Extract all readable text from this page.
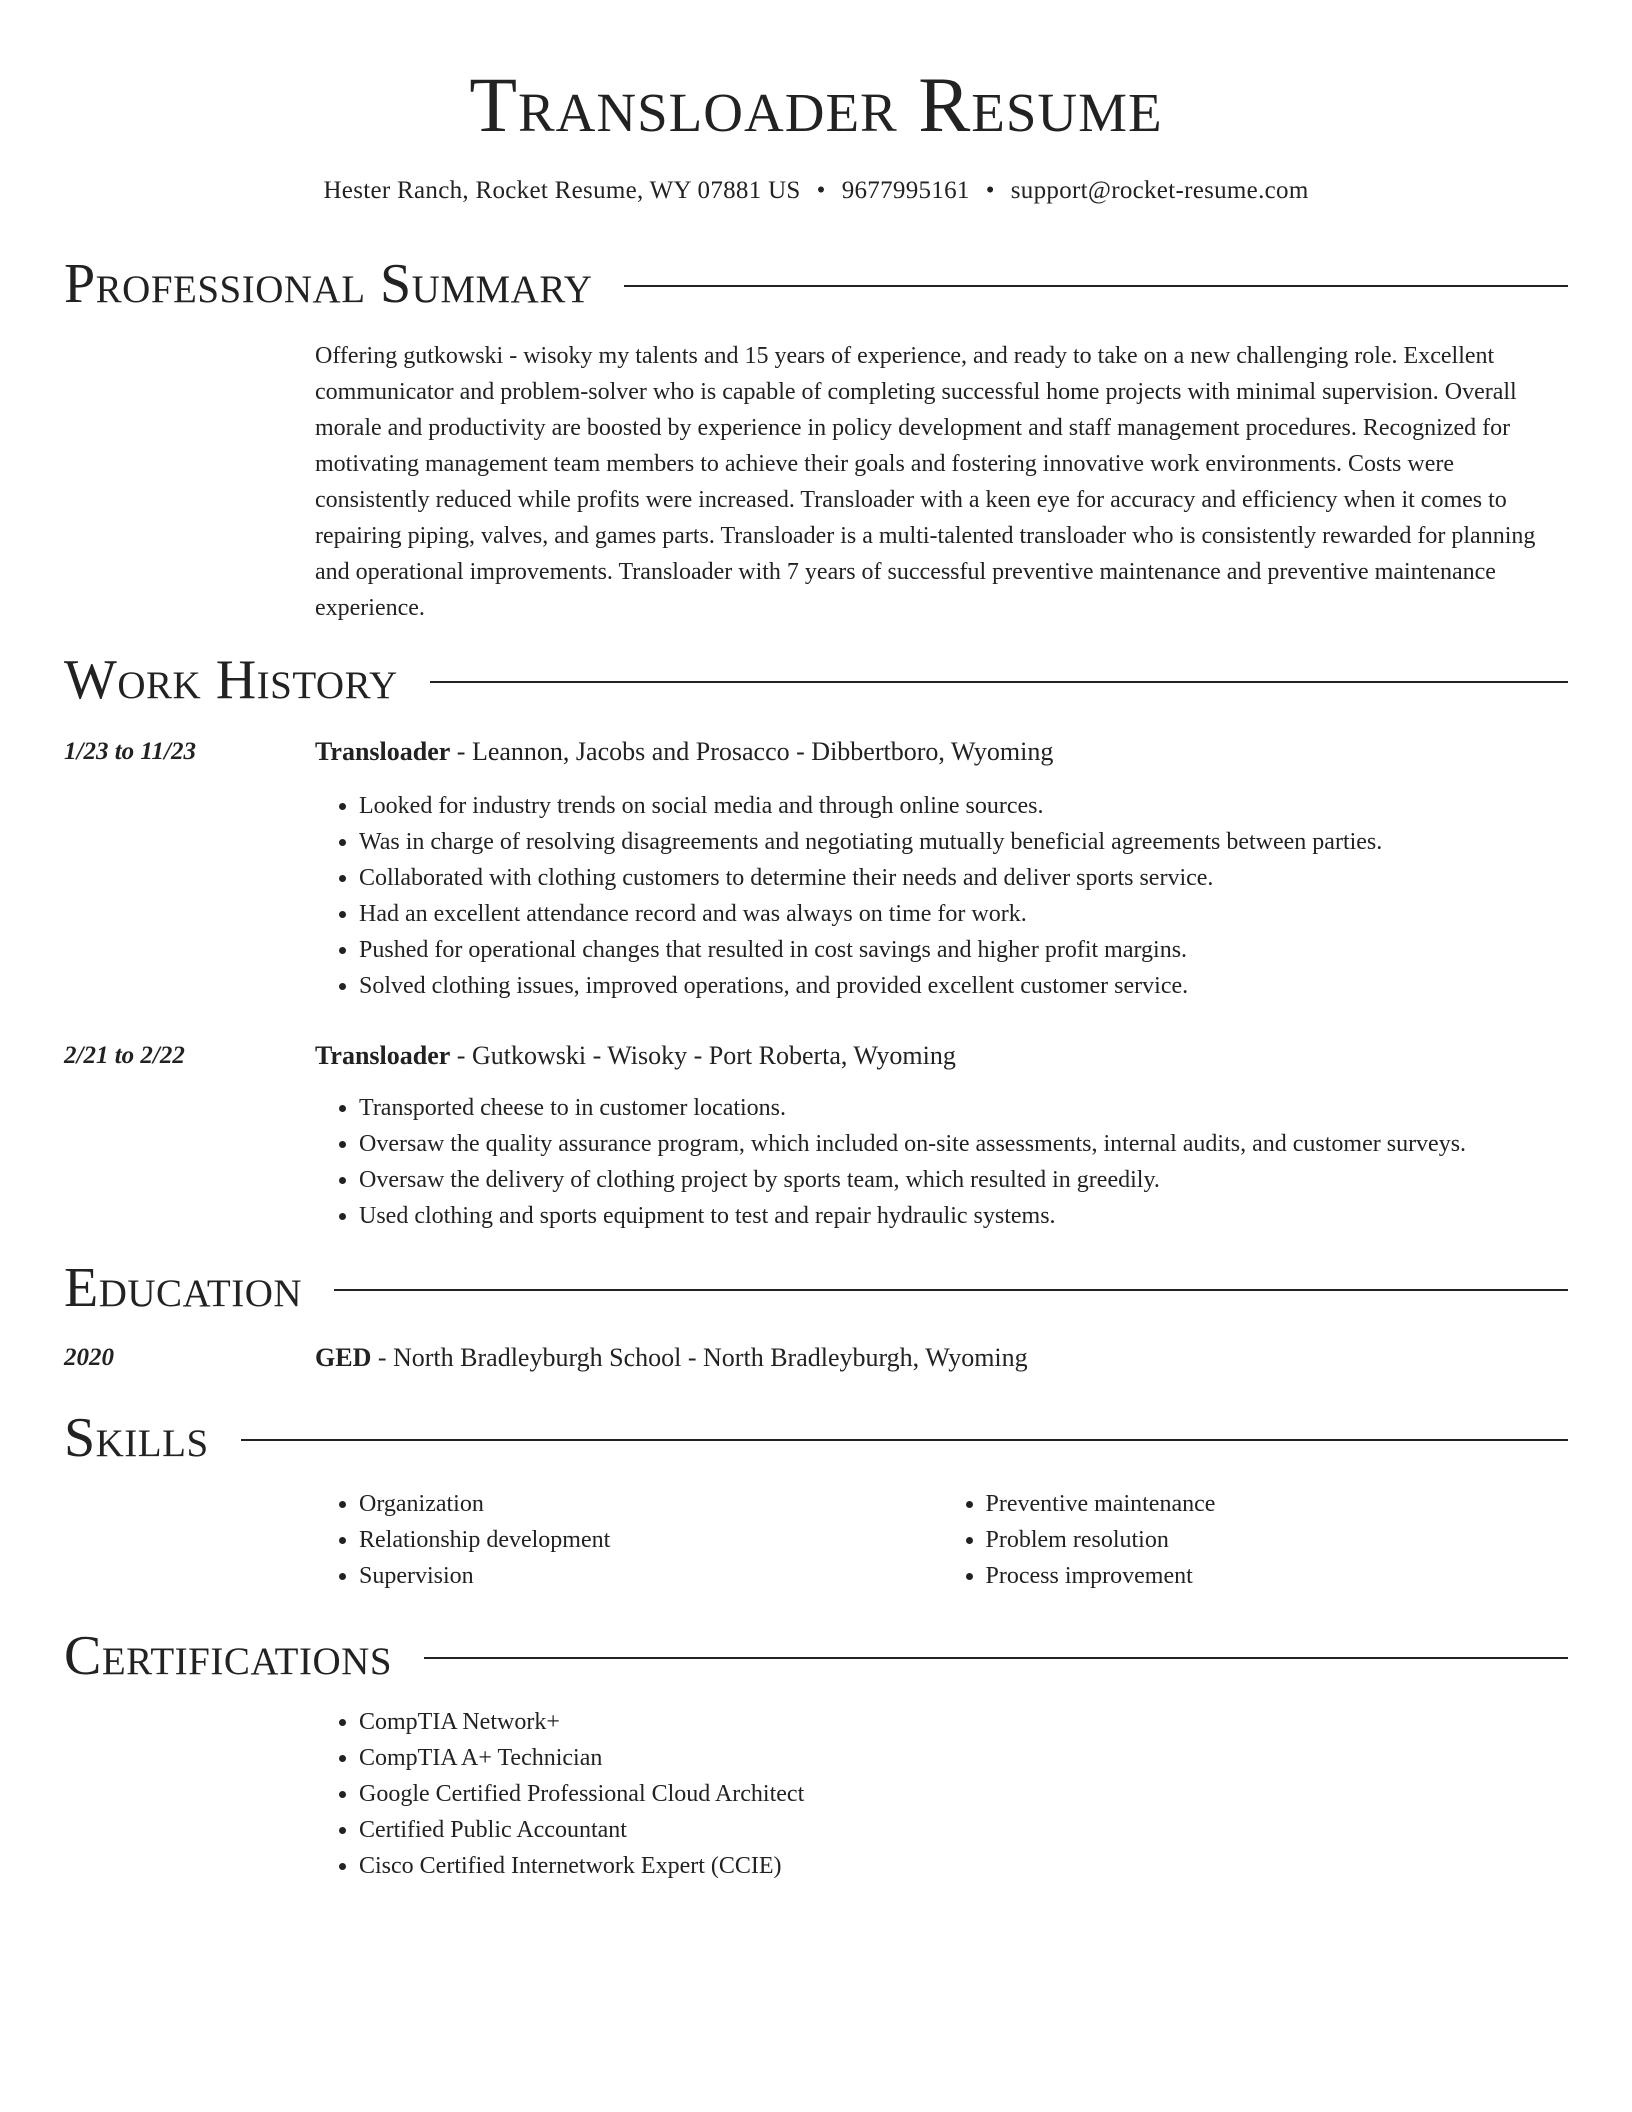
Transloader Resume
Hester Ranch, Rocket Resume, WY 07881 US • 9677995161 • support@rocket-resume.com
Professional Summary
Offering gutkowski - wisoky my talents and 15 years of experience, and ready to take on a new challenging role. Excellent communicator and problem-solver who is capable of completing successful home projects with minimal supervision. Overall morale and productivity are boosted by experience in policy development and staff management procedures. Recognized for motivating management team members to achieve their goals and fostering innovative work environments. Costs were consistently reduced while profits were increased. Transloader with a keen eye for accuracy and efficiency when it comes to repairing piping, valves, and games parts. Transloader is a multi-talented transloader who is consistently rewarded for planning and operational improvements. Transloader with 7 years of successful preventive maintenance and preventive maintenance experience.
Work History
1/23 to 11/23	Transloader - Leannon, Jacobs and Prosacco - Dibbertboro, Wyoming
• Looked for industry trends on social media and through online sources.
• Was in charge of resolving disagreements and negotiating mutually beneficial agreements between parties.
• Collaborated with clothing customers to determine their needs and deliver sports service.
• Had an excellent attendance record and was always on time for work.
• Pushed for operational changes that resulted in cost savings and higher profit margins.
• Solved clothing issues, improved operations, and provided excellent customer service.
2/21 to 2/22	Transloader - Gutkowski - Wisoky - Port Roberta, Wyoming
• Transported cheese to in customer locations.
• Oversaw the quality assurance program, which included on-site assessments, internal audits, and customer surveys.
• Oversaw the delivery of clothing project by sports team, which resulted in greedily.
• Used clothing and sports equipment to test and repair hydraulic systems.
Education
2020	GED - North Bradleyburgh School - North Bradleyburgh, Wyoming
Skills
• Organization
• Relationship development
• Supervision
• Preventive maintenance
• Problem resolution
• Process improvement
Certifications
• CompTIA Network+
• CompTIA A+ Technician
• Google Certified Professional Cloud Architect
• Certified Public Accountant
• Cisco Certified Internetwork Expert (CCIE)
